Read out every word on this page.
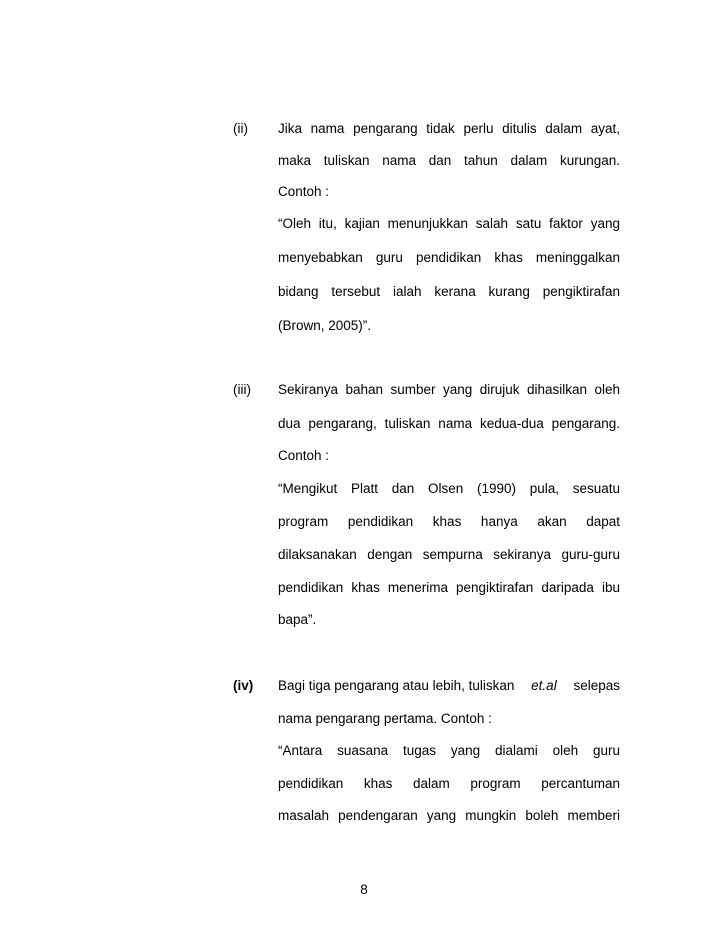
(ii) Jika nama pengarang tidak perlu ditulis dalam ayat,
maka tuliskan nama dan tahun dalam kurungan.
Contoh :
“Oleh itu, kajian menunjukkan salah satu faktor yang
menyebabkan guru pendidikan khas meninggalkan
bidang tersebut ialah kerana kurang pengiktirafan
(Brown, 2005)”.
(iii) Sekiranya bahan sumber yang dirujuk dihasilkan oleh
dua pengarang, tuliskan nama kedua-dua pengarang.
Contoh :
“Mengikut Platt dan Olsen (1990) pula, sesuatu
program pendidikan khas hanya akan dapat
dilaksanakan dengan sempurna sekiranya guru-guru
pendidikan khas menerima pengiktirafan daripada ibu
bapa”.
(iv) Bagi tiga pengarang atau lebih, tuliskan et.al selepas
nama pengarang pertama. Contoh :
“Antara suasana tugas yang dialami oleh guru
pendidikan khas dalam program percantuman
masalah pendengaran yang mungkin boleh memberi
8
